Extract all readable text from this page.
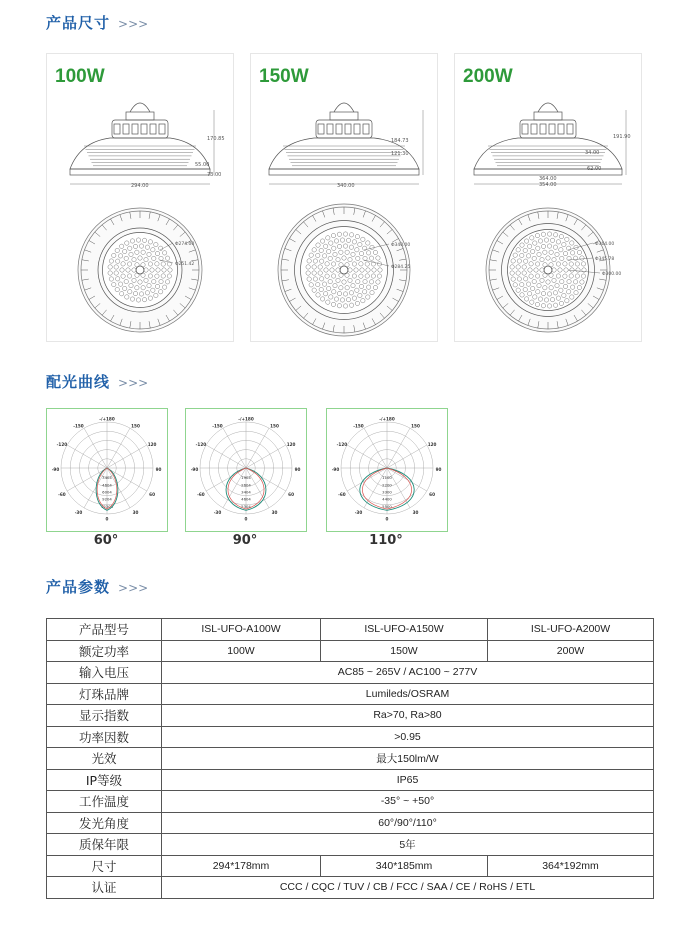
产品尺寸 >>>
100W
170.85
73.00
55.00
294.00
Φ274.00
Φ251.42
150W
184.73
121.30
340.00
Φ340.00
Φ284.25
200W
191.90
34.00
62.00
364.00
354.00
Φ364.00
Φ345.78
Φ300.00
配光曲线 >>>
-/+180
-150	150
-120	120
-90	90
-60	60
-30	30
0
3404
4604
6004
9204
12304
-/+180
-150	150
-120	120
-90	90
-60	60
-30	30
0
1904
2604
3404
4604
5304
-/+180
-150	150
-120	120
-90	90
-60	60
-30	30
0
1100
2200
3300
4400
5500
60°	90°	110°
产品参数 >>>
产品型号	ISL-UFO-A100W	ISL-UFO-A150W	ISL-UFO-A200W
额定功率	100W	150W	200W
输入电压	AC85 ~ 265V / AC100 ~ 277V		
灯珠品牌	Lumileds/OSRAM		
显示指数	Ra>70, Ra>80		
功率因数	>0.95		
光效	最大150lm/W		
IP等级	IP65		
工作温度	-35° ~ +50°		
发光角度	60°/90°/110°		
质保年限	5年		
尺寸	294*178mm	340*185mm	364*192mm
认证	CCC / CQC / TUV / CB / FCC / SAA / CE / RoHS / ETL		
